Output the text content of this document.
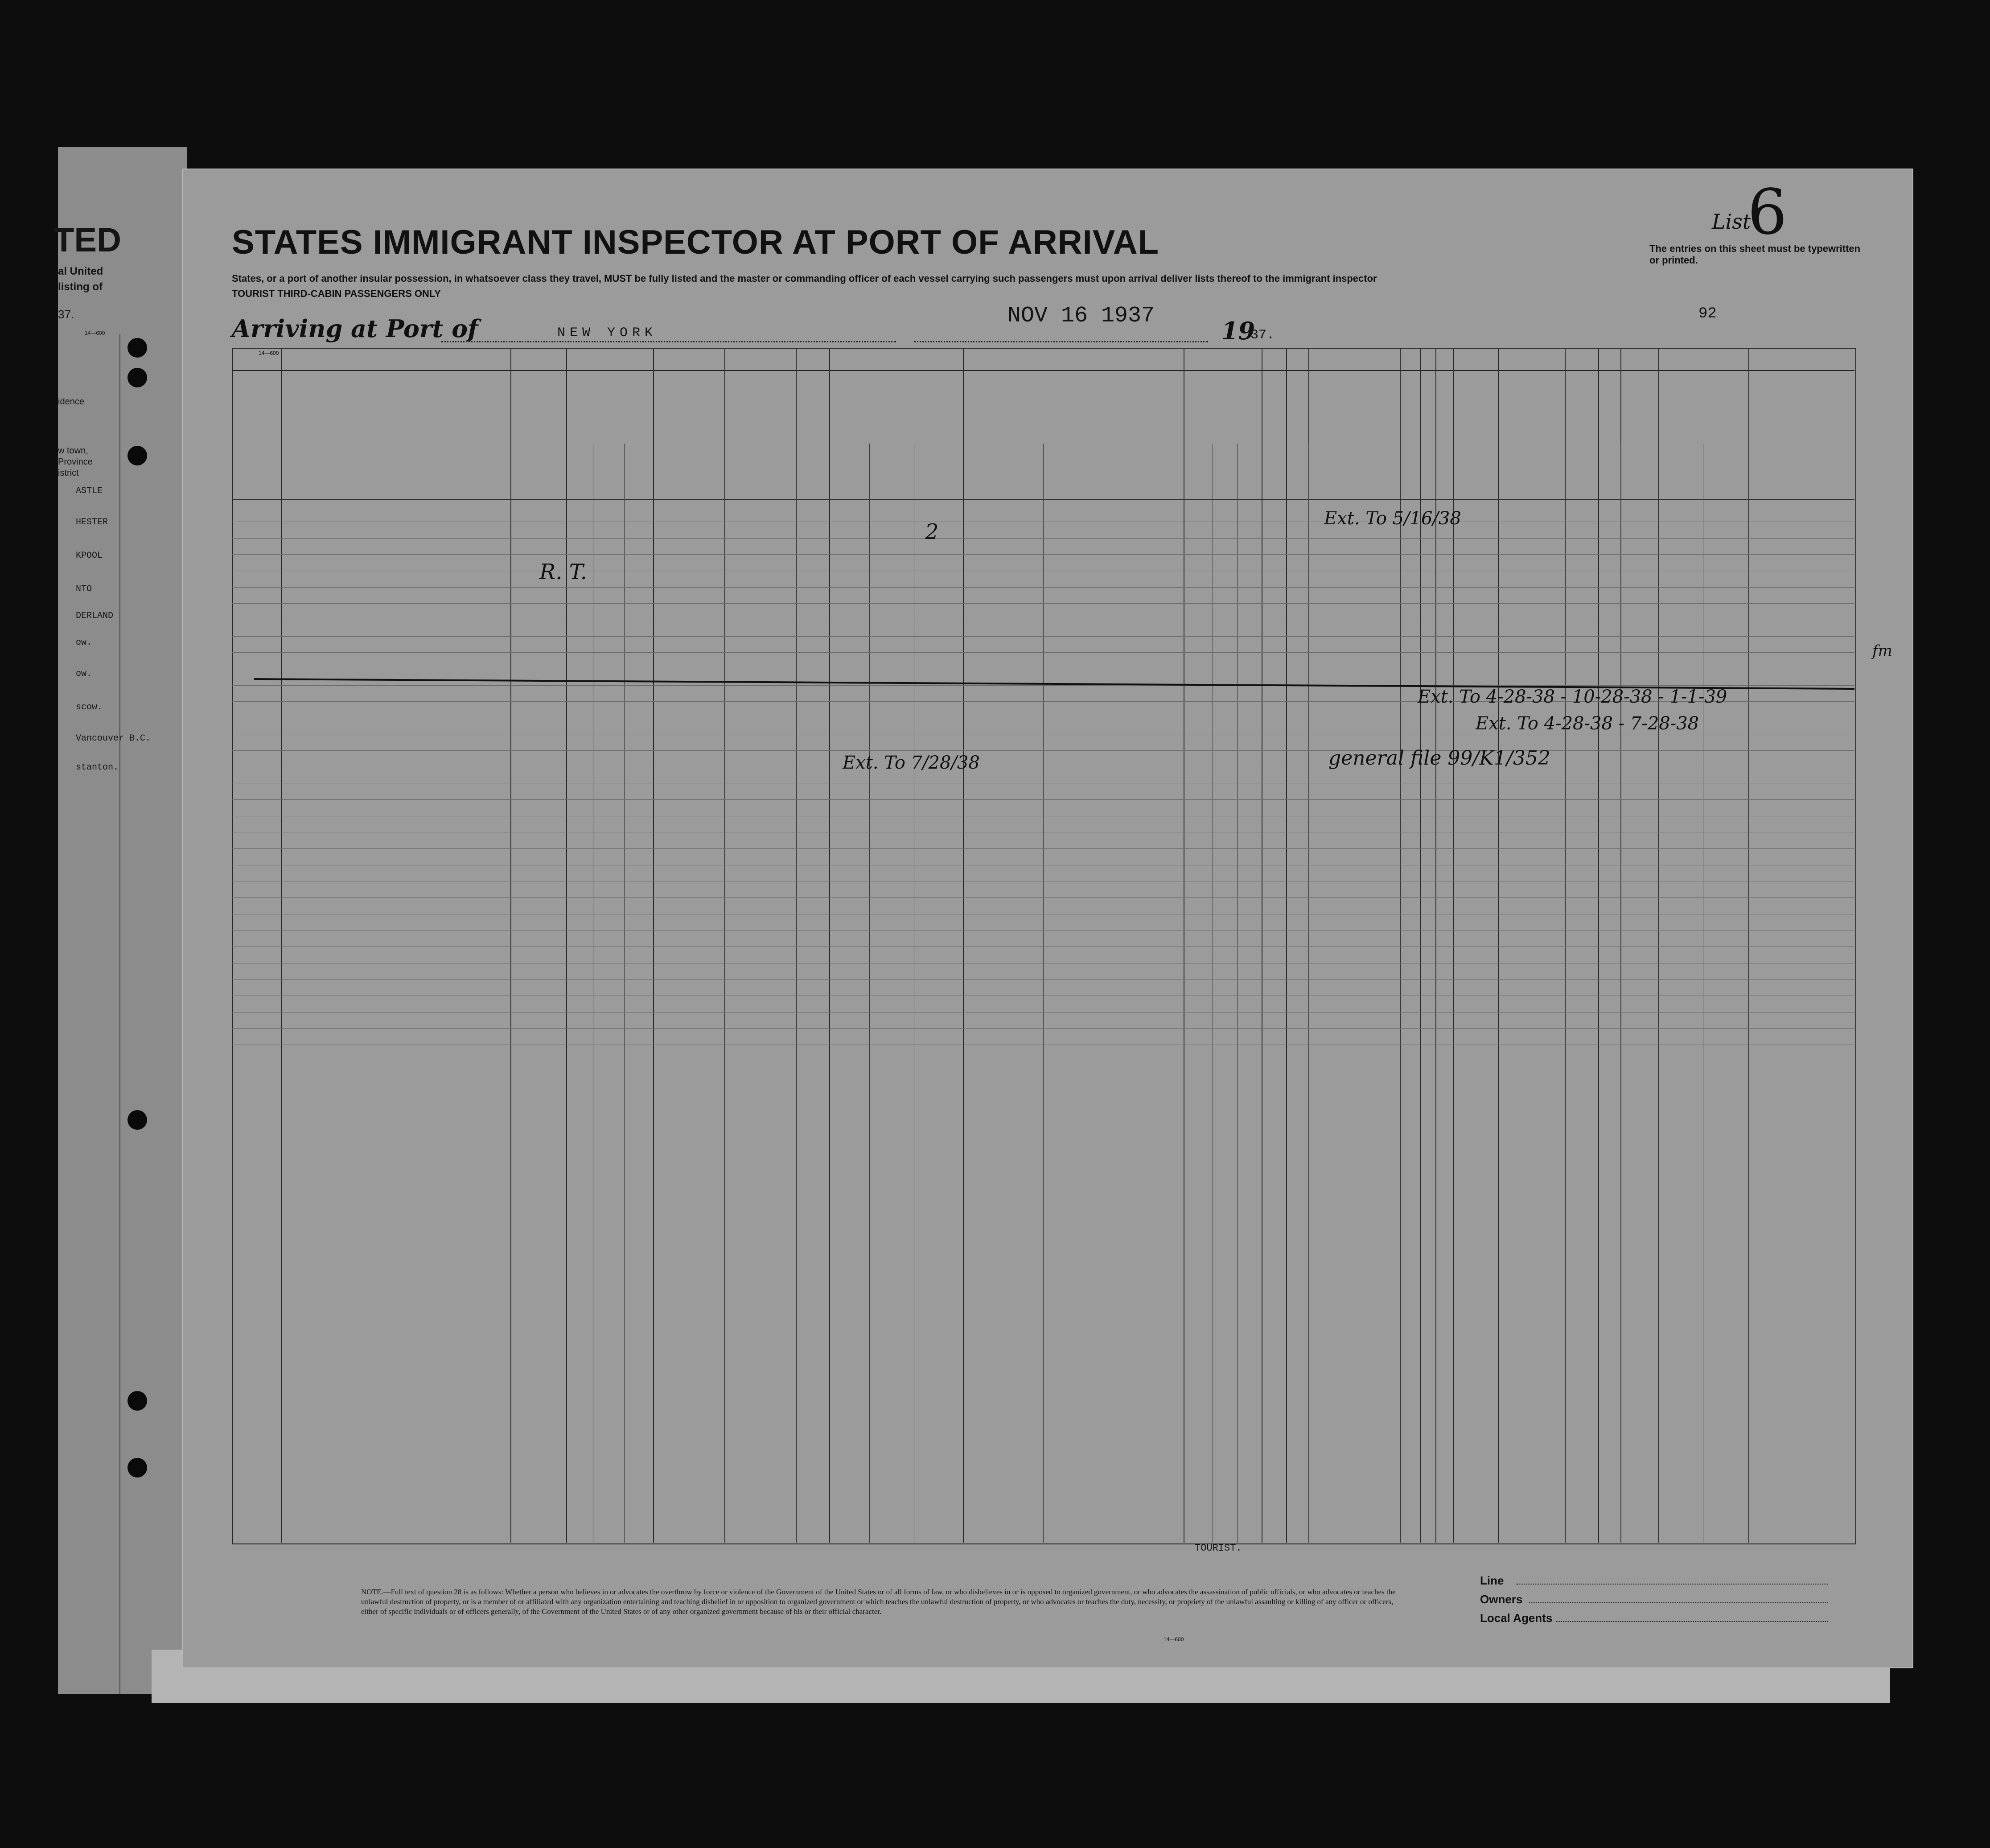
TED
al United
listing of
37.
14—600
idence
w town,
Province
istrict
ASTLE
HESTER
KPOOL
NTO
DERLAND
ow.
ow.
scow.
Vancouver B.C.
stanton.
STATES IMMIGRANT INSPECTOR AT PORT OF ARRIVAL
States, or a port of another insular possession, in whatsoever class they travel, MUST be fully listed and the master or commanding officer of each vessel carrying such passengers must upon arrival deliver lists thereof to the immigrant inspector
TOURIST THIRD-CABIN PASSENGERS ONLY
List
6
The entries on this sheet must be typewritten or printed.
92
Arriving at Port of	NEW YORK
NOV 16 1937
19
37.
14—600
Ext. To 5/16/38
Ext. To 4-28-38 - 10-28-38 - 1-1-39
Ext. To 4-28-38 - 7-28-38
Ext. To 7/28/38	general file 99/K1/352
R. T.
fm
2
TOURIST.
NOTE.—Full text of question 28 is as follows: Whether a person who believes in or advocates the overthrow by force or violence of the Government of the United States or of all forms of law, or who disbelieves in or is opposed to organized government, or who advocates the assassination of public officials, or who advocates or teaches the unlawful destruction of property, or is a member of or affiliated with any organization entertaining and teaching disbelief in or opposition to organized government or which teaches the unlawful destruction of property, or who advocates or teaches the duty, necessity, or propriety of the unlawful assaulting or killing of any officer or officers, either of specific individuals or of officers generally, of the Government of the United States or of any other organized government because of his or their official character.
14—600
Line
Owners
Local Agents
